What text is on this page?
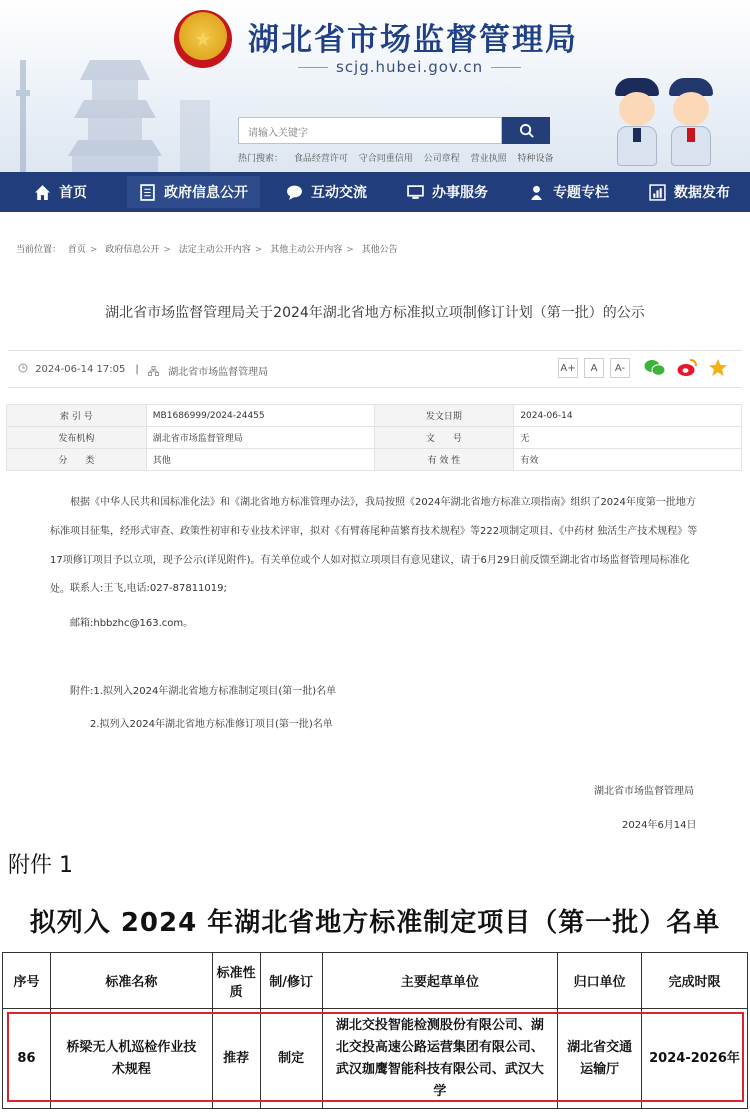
★ 湖北省市场监督管理局
scjg.hubei.gov.cn
请输入关键字
热门搜索： 食品经营许可 守合同重信用 公司章程 营业执照 特种设备
首页	政府信息公开	互动交流	办事服务	专题专栏	数据发布
当前位置： 首页 > 政府信息公开 > 法定主动公开内容 > 其他主动公开内容 > 其他公告
湖北省市场监督管理局关于2024年湖北省地方标准拟立项制修订计划（第一批）的公示
2024-06-14 17:05 |	湖北省市场监督管理局	A+	A	A-
索 引 号	MB1686999/2024-24455	发文日期	2024-06-14
发布机构	湖北省市场监督管理局	文　　号	无
分　　类	其他	有 效 性	有效

根据《中华人民共和国标准化法》和《湖北省地方标准管理办法》，我局按照《2024年湖北省地方标准立项指南》组织了2024年度第一批地方标准项目征集，经形式审查、政策性初审和专业技术评审，拟对《有臂蒋尾种苗繁育技术规程》等222项制定项目、《中药材 独活生产技术规程》等17项修订项目予以立项，现予公示(详见附件)。有关单位或个人如对拟立项项目有意见建议，请于6月29日前反馈至湖北省市场监督管理局标准化处。 联系人:王飞,电话:027-87811019;
邮箱:hbbzhc@163.com。
附件:1.拟列入2024年湖北省地方标准制定项目(第一批)名单
2.拟列入2024年湖北省地方标准修订项目(第一批)名单
湖北省市场监督管理局
2024年6月14日
附件 1
拟列入 2024 年湖北省地方标准制定项目（第一批）名单
序号	标准名称	标准性质	制/修订	主要起草单位	归口单位	完成时限
86	桥梁无人机巡检作业技术规程	推荐	制定	湖北交投智能检测股份有限公司、湖北交投高速公路运营集团有限公司、武汉珈鹰智能科技有限公司、武汉大学	湖北省交通运输厅	2024-2026年
